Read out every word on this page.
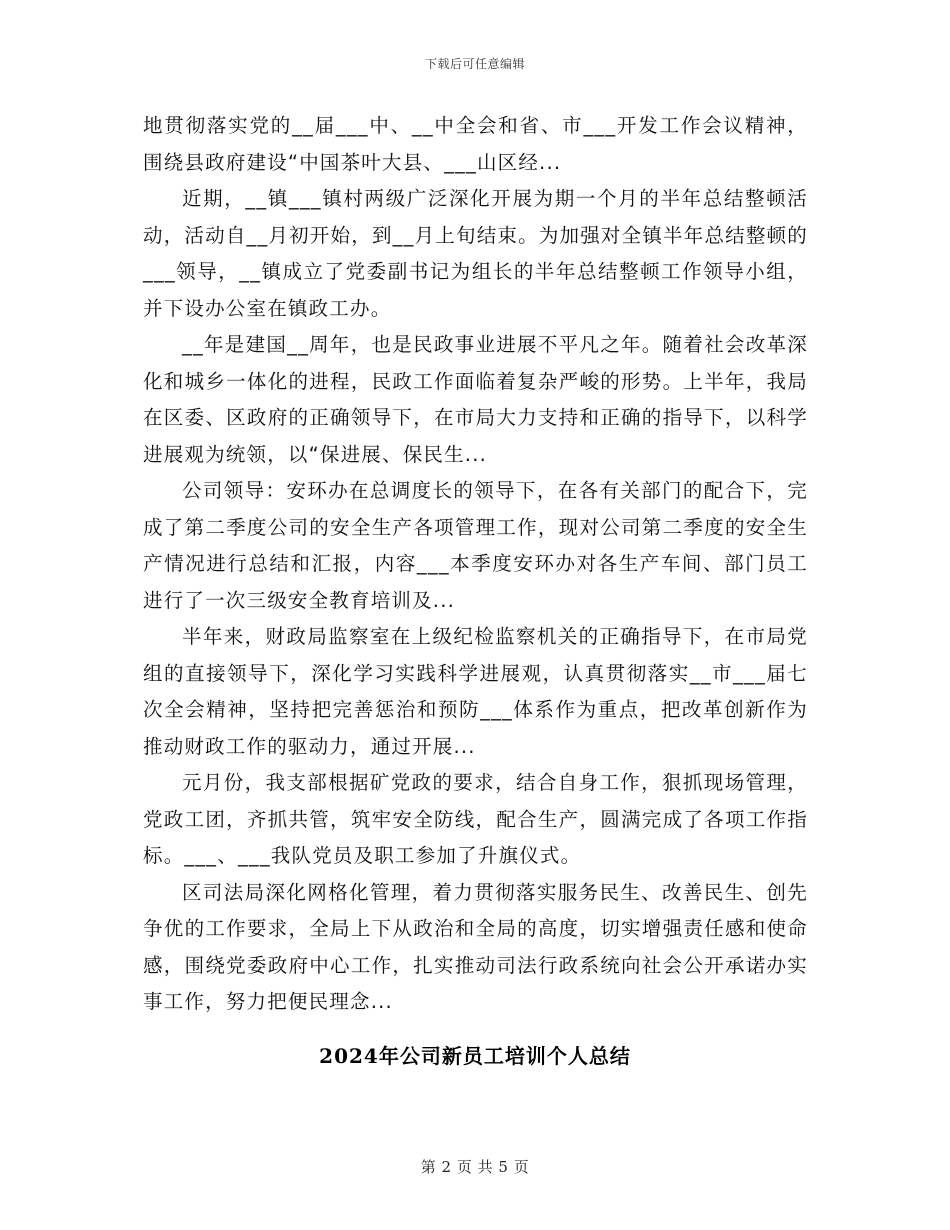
下载后可任意编辑

地贯彻落实党的__届___中、__中全会和省、市___开发工作会议精神，围绕县政府建设“中国茶叶大县、___山区经...

近期，__镇___镇村两级广泛深化开展为期一个月的半年总结整顿活动，活动自__月初开始，到__月上旬结束。为加强对全镇半年总结整顿的___领导，__镇成立了党委副书记为组长的半年总结整顿工作领导小组，并下设办公室在镇政工办。

__年是建国__周年，也是民政事业进展不平凡之年。随着社会改革深化和城乡一体化的进程，民政工作面临着复杂严峻的形势。上半年，我局在区委、区政府的正确领导下，在市局大力支持和正确的指导下，以科学进展观为统领，以“保进展、保民生...

公司领导：安环办在总调度长的领导下，在各有关部门的配合下，完成了第二季度公司的安全生产各项管理工作，现对公司第二季度的安全生产情况进行总结和汇报，内容___本季度安环办对各生产车间、部门员工进行了一次三级安全教育培训及...

半年来，财政局监察室在上级纪检监察机关的正确指导下，在市局党组的直接领导下，深化学习实践科学进展观，认真贯彻落实__市___届七次全会精神，坚持把完善惩治和预防___体系作为重点，把改革创新作为推动财政工作的驱动力，通过开展...

元月份，我支部根据矿党政的要求，结合自身工作，狠抓现场管理，党政工团，齐抓共管，筑牢安全防线，配合生产，圆满完成了各项工作指标。___、___我队党员及职工参加了升旗仪式。

区司法局深化网格化管理，着力贯彻落实服务民生、改善民生、创先争优的工作要求，全局上下从政治和全局的高度，切实增强责任感和使命感，围绕党委政府中心工作，扎实推动司法行政系统向社会公开承诺办实事工作，努力把便民理念...

2024年公司新员工培训个人总结
第 2 页 共 5 页
